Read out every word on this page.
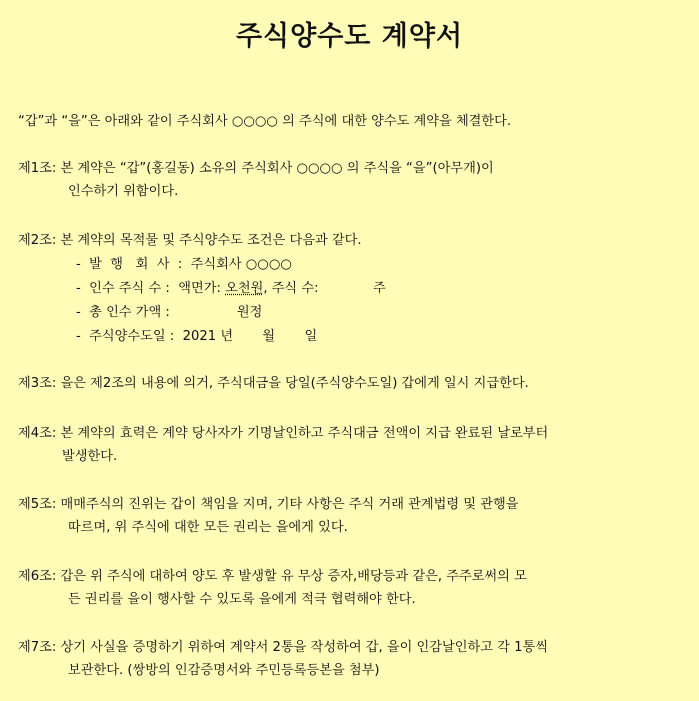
주식양수도 계약서
“갑”과 “을”은 아래와 같이 주식회사 ○○○○ 의 주식에 대한 양수도 계약을 체결한다.
제1조: 본 계약은 “갑”(홍길동) 소유의 주식회사 ○○○○ 의 주식을 “을”(아무개)이
인수하기 위함이다.
제2조: 본 계약의 목적물 및 주식양수도 조건은 다음과 같다.
-  발  행   회  사  :  주식회사 ○○○○
-  인수 주식 수 :  액면가: 오천원, 주식 수:             주
-  총 인수 가액 :                원정
-  주식양수도일 :  2021 년       월       일
제3조: 을은 제2조의 내용에 의거, 주식대금을 당일(주식양수도일) 갑에게 일시 지급한다.
제4조: 본 계약의 효력은 계약 당사자가 기명날인하고 주식대금 전액이 지급 완료된 날로부터
발생한다.
제5조: 매매주식의 진위는 갑이 책임을 지며, 기타 사항은 주식 거래 관계법령 및 관행을
따르며, 위 주식에 대한 모든 권리는 을에게 있다.
제6조: 갑은 위 주식에 대하여 양도 후 발생할 유 무상 증자,배당등과 같은, 주주로써의 모
든 권리를 을이 행사할 수 있도록 을에게 적극 협력해야 한다.
제7조: 상기 사실을 증명하기 위하여 계약서 2통을 작성하여 갑, 을이 인감날인하고 각 1통씩
보관한다. (쌍방의 인감증명서와 주민등록등본을 첨부)
